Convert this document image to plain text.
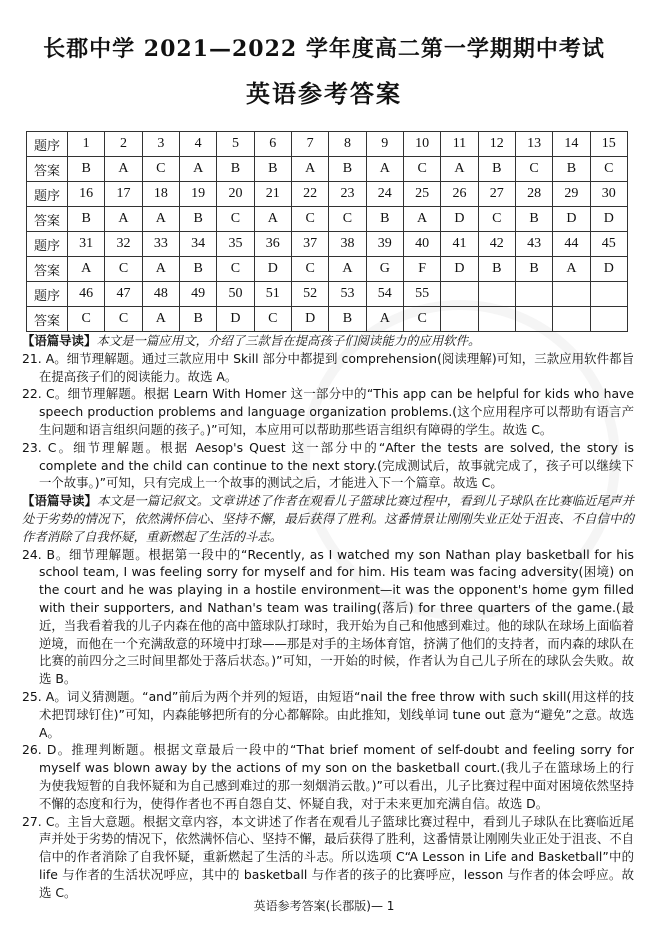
长郡中学 2021—2022 学年度高二第一学期期中考试
英语参考答案
题序	1	2	3	4	5	6	7	8	9	10	11	12	13	14	15
答案	B	A	C	A	B	B	A	B	A	C	A	B	C	B	C
题序	16	17	18	19	20	21	22	23	24	25	26	27	28	29	30
答案	B	A	A	B	C	A	C	C	B	A	D	C	B	D	D
题序	31	32	33	34	35	36	37	38	39	40	41	42	43	44	45
答案	A	C	A	B	C	D	C	A	G	F	D	B	B	A	D
题序	46	47	48	49	50	51	52	53	54	55					
答案	C	C	A	B	D	C	D	B	A	C					

【语篇导读】本文是一篇应用文，介绍了三款旨在提高孩子们阅读能力的应用软件。

21. A。细节理解题。通过三款应用中 Skill 部分中都提到 comprehension(阅读理解)可知，三款应用软件都旨在提高孩子们的阅读能力。故选 A。

22. C。细节理解题。根据 Learn With Homer 这一部分中的“This app can be helpful for kids who have speech production problems and language organization problems.(这个应用程序可以帮助有语言产生问题和语言组织问题的孩子。)”可知，本应用可以帮助那些语言组织有障碍的学生。故选 C。

23. C。细节理解题。根据 Aesop's Quest 这一部分中的“After the tests are solved, the story is complete and the child can continue to the next story.(完成测试后，故事就完成了，孩子可以继续下一个故事。)”可知，只有完成上一个故事的测试之后，才能进入下一个篇章。故选 C。

【语篇导读】本文是一篇记叙文。文章讲述了作者在观看儿子篮球比赛过程中，看到儿子球队在比赛临近尾声并处于劣势的情况下，依然满怀信心、坚持不懈，最后获得了胜利。这番情景让刚刚失业正处于沮丧、不自信中的作者消除了自我怀疑，重新燃起了生活的斗志。

24. B。细节理解题。根据第一段中的“Recently, as I watched my son Nathan play basketball for his school team, I was feeling sorry for myself and for him. His team was facing adversity(困境) on the court and he was playing in a hostile environment—it was the opponent's home gym filled with their supporters, and Nathan's team was trailing(落后) for three quarters of the game.(最近，当我看着我的儿子内森在他的高中篮球队打球时，我开始为自己和他感到难过。他的球队在球场上面临着逆境，而他在一个充满敌意的环境中打球——那是对手的主场体育馆，挤满了他们的支持者，而内森的球队在比赛的前四分之三时间里都处于落后状态。)”可知，一开始的时候，作者认为自己儿子所在的球队会失败。故选 B。

25. A。词义猜测题。“and”前后为两个并列的短语，由短语“nail the free throw with such skill(用这样的技术把罚球钉住)”可知，内森能够把所有的分心都解除。由此推知，划线单词 tune out 意为“避免”之意。故选 A。

26. D。推理判断题。根据文章最后一段中的“That brief moment of self-doubt and feeling sorry for myself was blown away by the actions of my son on the basketball court.(我儿子在篮球场上的行为使我短暂的自我怀疑和为自己感到难过的那一刻烟消云散。)”可以看出，儿子比赛过程中面对困境依然坚持不懈的态度和行为，使得作者也不再自怨自艾、怀疑自我，对于未来更加充满自信。故选 D。

27. C。主旨大意题。根据文章内容，本文讲述了作者在观看儿子篮球比赛过程中，看到儿子球队在比赛临近尾声并处于劣势的情况下，依然满怀信心、坚持不懈，最后获得了胜利，这番情景让刚刚失业正处于沮丧、不自信中的作者消除了自我怀疑，重新燃起了生活的斗志。所以选项 C“A Lesson in Life and Basketball”中的 life 与作者的生活状况呼应，其中的 basketball 与作者的孩子的比赛呼应，lesson 与作者的体会呼应。故选 C。

英语参考答案(长郡版)— 1
